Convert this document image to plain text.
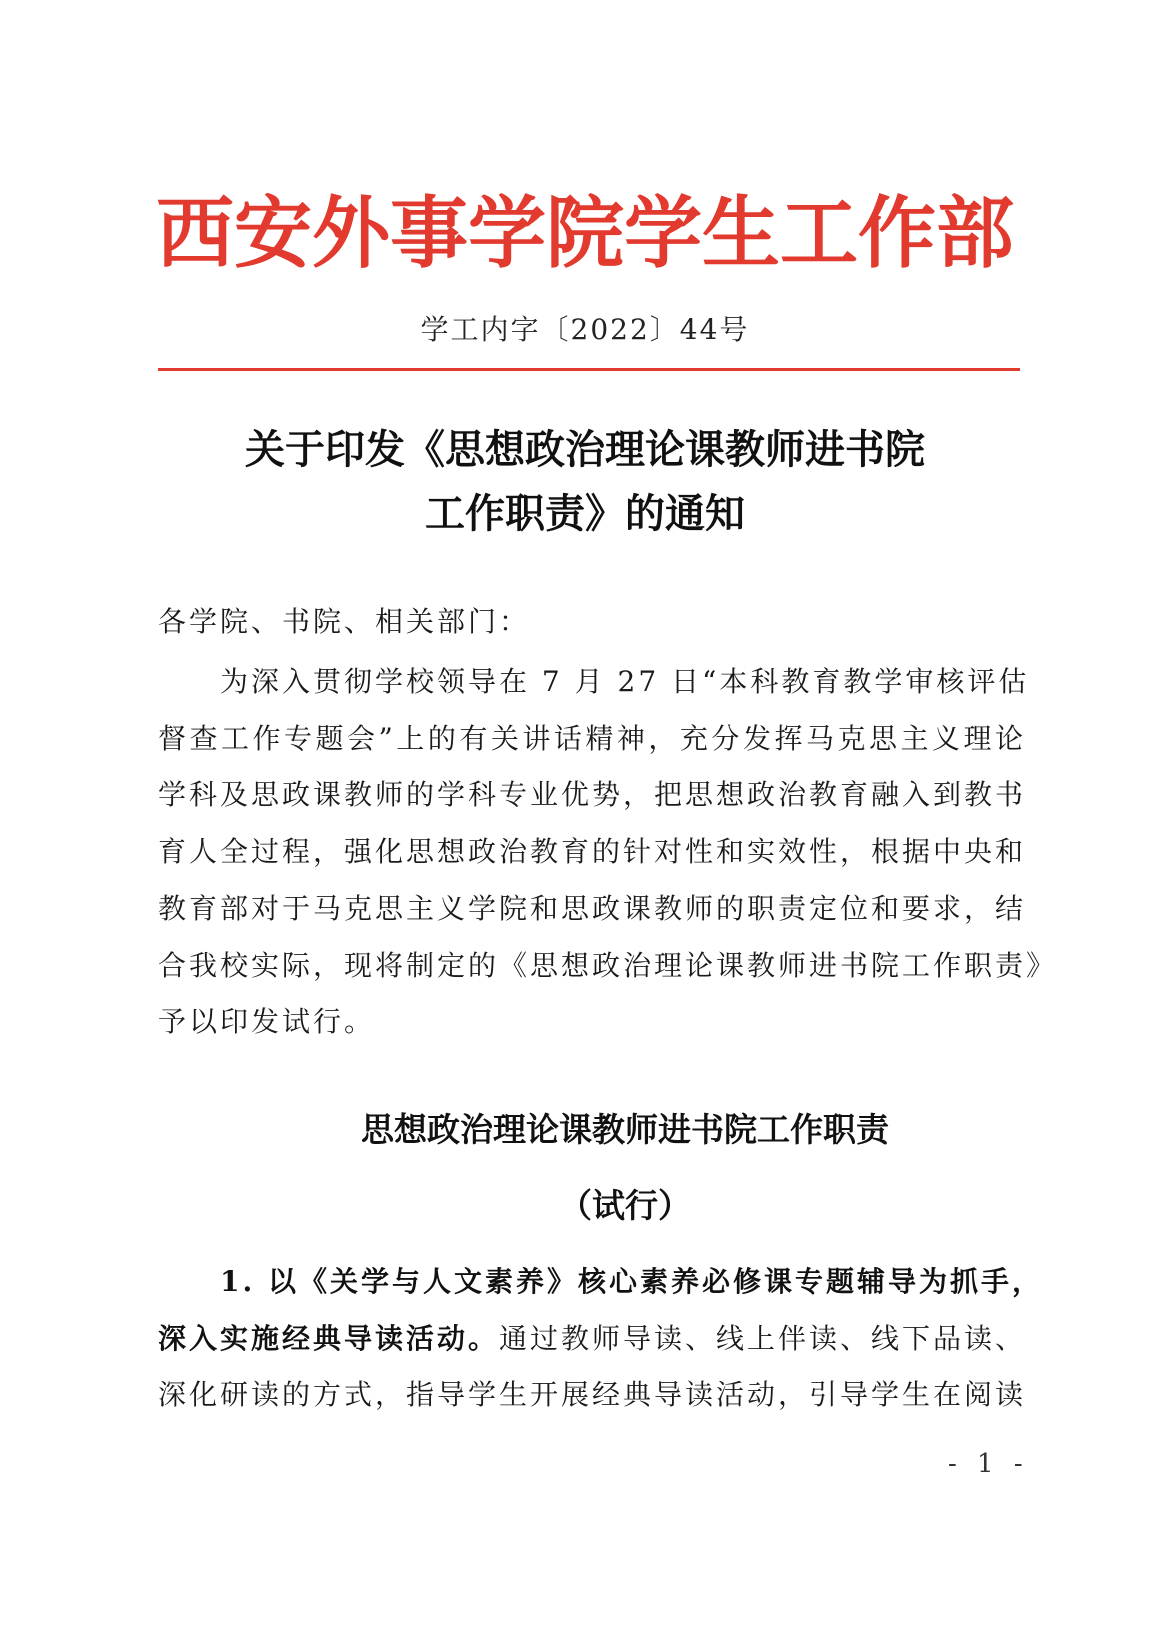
西安外事学院学生工作部
学工内字〔2022〕44号
关于印发《思想政治理论课教师进书院
工作职责》的通知
各学院、书院、相关部门：
　　为深入贯彻学校领导在 7 月 27 日“本科教育教学审核评估
督查工作专题会”上的有关讲话精神，充分发挥马克思主义理论
学科及思政课教师的学科专业优势，把思想政治教育融入到教书
育人全过程，强化思想政治教育的针对性和实效性，根据中央和
教育部对于马克思主义学院和思政课教师的职责定位和要求，结
合我校实际，现将制定的《思想政治理论课教师进书院工作职责》
予以印发试行。
思想政治理论课教师进书院工作职责
（试行）
　　1. 以《关学与人文素养》核心素养必修课专题辅导为抓手，
深入实施经典导读活动。通过教师导读、线上伴读、线下品读、
深化研读的方式，指导学生开展经典导读活动，引导学生在阅读
- 1 -
